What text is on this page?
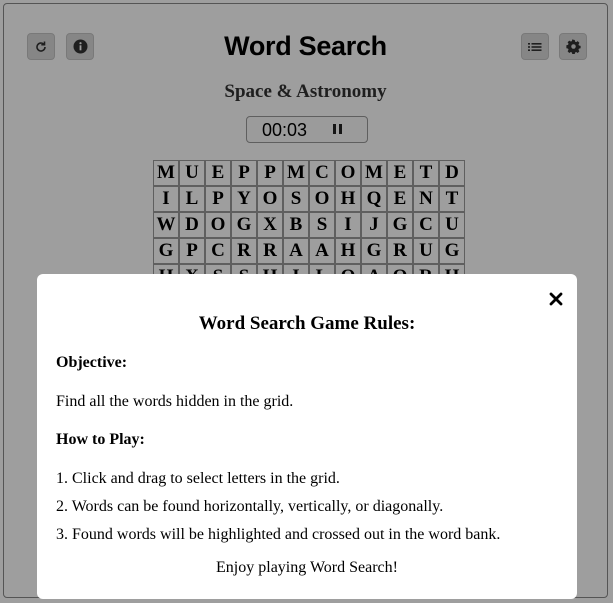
Word Search
Space & Astronomy
00:03
M U E P P M C O M E T D
I L P Y O S O H Q E N T
W D O G X B S I J G C U
G P C R R A A H G R U G
Word Search Game Rules:
Objective:
Find all the words hidden in the grid.
How to Play:
1. Click and drag to select letters in the grid.
2. Words can be found horizontally, vertically, or diagonally.
3. Found words will be highlighted and crossed out in the word bank.
Enjoy playing Word Search!
